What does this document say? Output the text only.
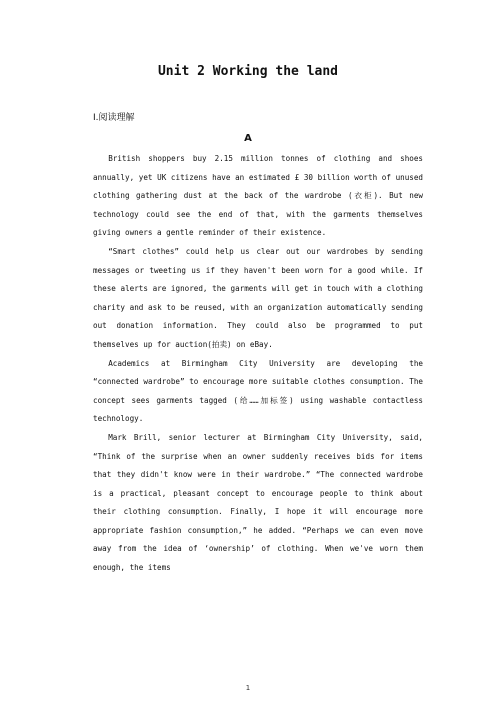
Unit 2 Working the land
Ⅰ.阅读理解
A

British shoppers buy 2.15 million tonnes of clothing and shoes annually, yet UK citizens have an estimated £ 30 billion worth of unused clothing gathering dust at the back of the wardrobe (衣柜). But new technology could see the end of that, with the garments themselves giving owners a gentle reminder of their existence.

“Smart clothes” could help us clear out our wardrobes by sending messages or tweeting us if they haven't been worn for a good while. If these alerts are ignored, the garments will get in touch with a clothing charity and ask to be reused, with an organization automatically sending out donation information. They could also be programmed to put themselves up for auction(拍卖) on eBay.

Academics at Birmingham City University are developing the “connected wardrobe” to encourage more suitable clothes consumption. The concept sees garments tagged (给……加标签) using washable contactless technology.

Mark Brill, senior lecturer at Birmingham City University, said, “Think of the surprise when an owner suddenly receives bids for items that they didn't know were in their wardrobe.” “The connected wardrobe is a practical, pleasant concept to encourage people to think about their clothing consumption. Finally, I hope it will encourage more appropriate fashion consumption,” he added. “Perhaps we can even move away from the idea of ‘ownership’ of clothing. When we've worn them enough, the items

1
